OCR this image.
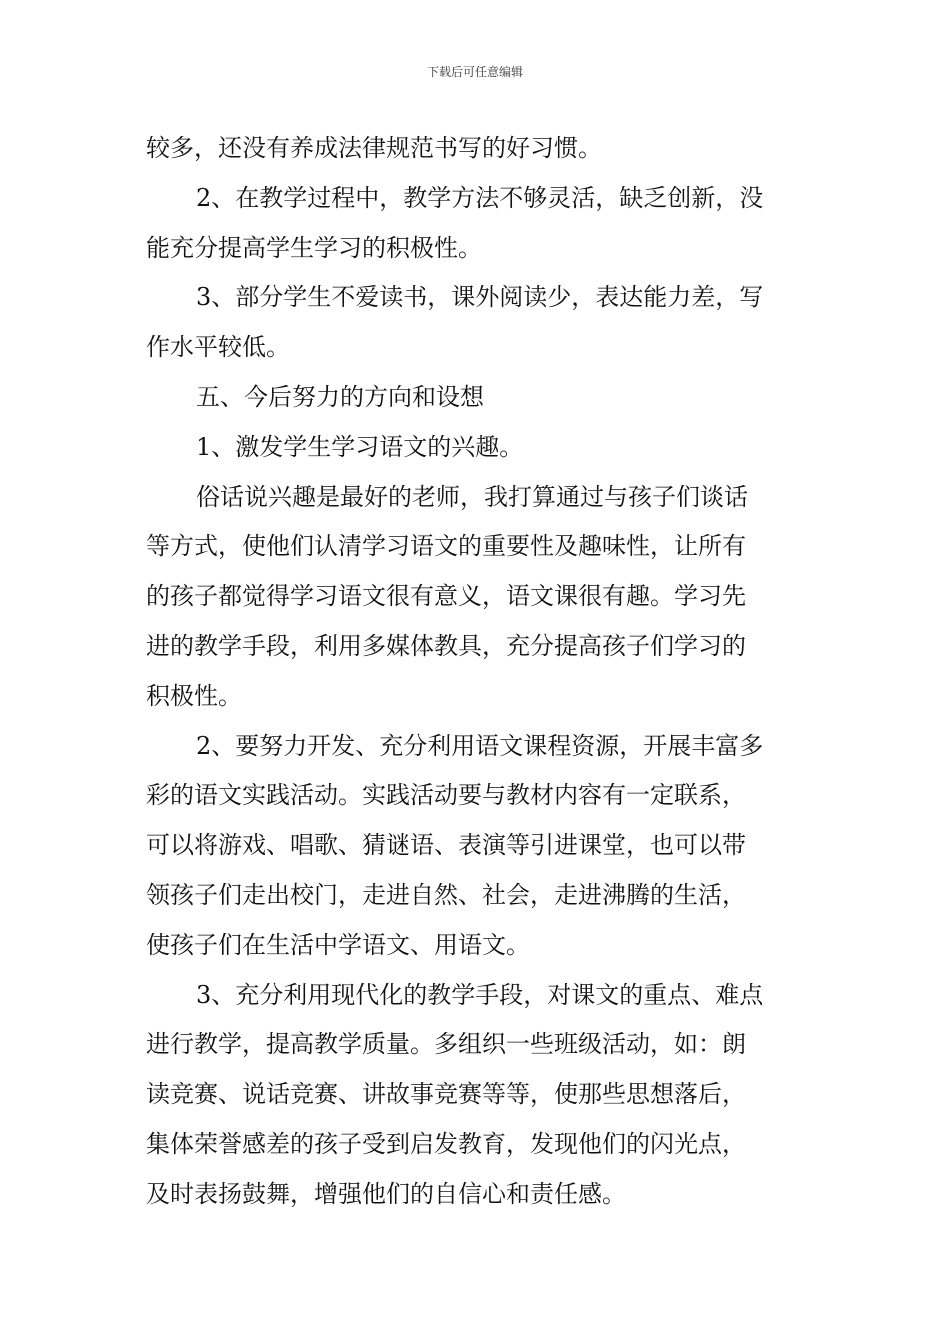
下载后可任意编辑
较多，还没有养成法律规范书写的好习惯。
2、在教学过程中，教学方法不够灵活，缺乏创新，没
能充分提高学生学习的积极性。
3、部分学生不爱读书，课外阅读少，表达能力差，写
作水平较低。
五、今后努力的方向和设想
1、激发学生学习语文的兴趣。
俗话说兴趣是最好的老师，我打算通过与孩子们谈话
等方式，使他们认清学习语文的重要性及趣味性，让所有
的孩子都觉得学习语文很有意义，语文课很有趣。学习先
进的教学手段，利用多媒体教具，充分提高孩子们学习的
积极性。
2、要努力开发、充分利用语文课程资源，开展丰富多
彩的语文实践活动。实践活动要与教材内容有一定联系，
可以将游戏、唱歌、猜谜语、表演等引进课堂，也可以带
领孩子们走出校门，走进自然、社会，走进沸腾的生活，
使孩子们在生活中学语文、用语文。
3、充分利用现代化的教学手段，对课文的重点、难点
进行教学，提高教学质量。多组织一些班级活动，如：朗
读竞赛、说话竞赛、讲故事竞赛等等，使那些思想落后，
集体荣誉感差的孩子受到启发教育，发现他们的闪光点，
及时表扬鼓舞，增强他们的自信心和责任感。
